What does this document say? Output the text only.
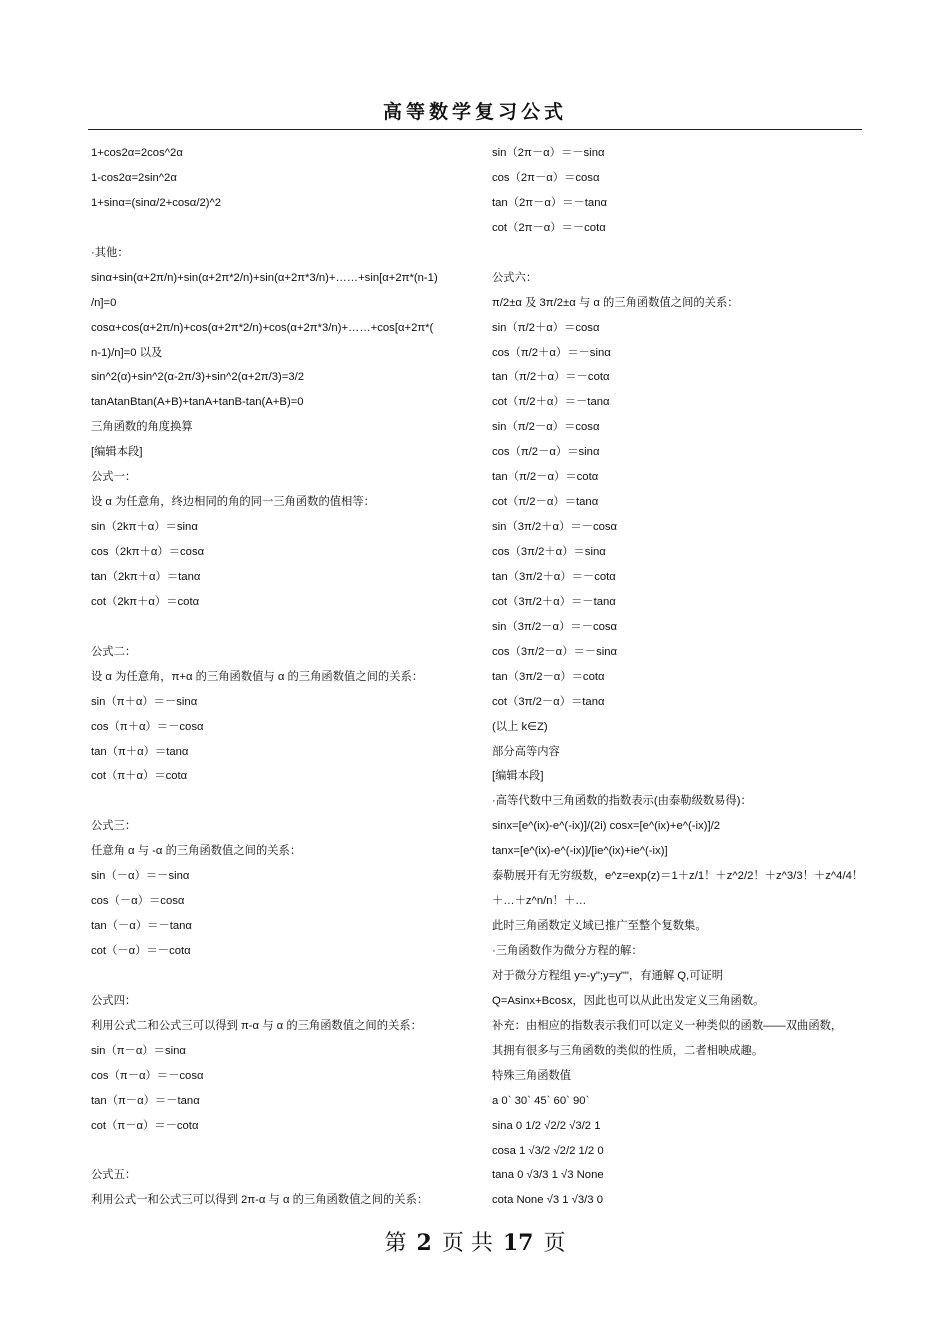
高等数学复习公式
1+cos2α=2cos^2α
1-cos2α=2sin^2α
1+sinα=(sinα/2+cosα/2)^2
·其他：
sinα+sin(α+2π/n)+sin(α+2π*2/n)+sin(α+2π*3/n)+……+sin[α+2π*(n-1)
/n]=0
cosα+cos(α+2π/n)+cos(α+2π*2/n)+cos(α+2π*3/n)+……+cos[α+2π*(
n-1)/n]=0 以及
sin^2(α)+sin^2(α-2π/3)+sin^2(α+2π/3)=3/2
tanAtanBtan(A+B)+tanA+tanB-tan(A+B)=0
三角函数的角度换算
[编辑本段]
公式一：
设 α 为任意角，终边相同的角的同一三角函数的值相等：
sin（2kπ＋α）＝sinα
cos（2kπ＋α）＝cosα
tan（2kπ＋α）＝tanα
cot（2kπ＋α）＝cotα
公式二：
设 α 为任意角，π+α 的三角函数值与 α 的三角函数值之间的关系：
sin（π＋α）＝－sinα
cos（π＋α）＝－cosα
tan（π＋α）＝tanα
cot（π＋α）＝cotα
公式三：
任意角 α 与 -α 的三角函数值之间的关系：
sin（－α）＝－sinα
cos（－α）＝cosα
tan（－α）＝－tanα
cot（－α）＝－cotα
公式四：
利用公式二和公式三可以得到 π-α 与 α 的三角函数值之间的关系：
sin（π－α）＝sinα
cos（π－α）＝－cosα
tan（π－α）＝－tanα
cot（π－α）＝－cotα
公式五：
利用公式一和公式三可以得到 2π-α 与 α 的三角函数值之间的关系：
sin（2π－α）＝－sinα
cos（2π－α）＝cosα
tan（2π－α）＝－tanα
cot（2π－α）＝－cotα
公式六：
π/2±α 及 3π/2±α 与 α 的三角函数值之间的关系：
sin（π/2＋α）＝cosα
cos（π/2＋α）＝－sinα
tan（π/2＋α）＝－cotα
cot（π/2＋α）＝－tanα
sin（π/2－α）＝cosα
cos（π/2－α）＝sinα
tan（π/2－α）＝cotα
cot（π/2－α）＝tanα
sin（3π/2＋α）＝－cosα
cos（3π/2＋α）＝sinα
tan（3π/2＋α）＝－cotα
cot（3π/2＋α）＝－tanα
sin（3π/2－α）＝－cosα
cos（3π/2－α）＝－sinα
tan（3π/2－α）＝cotα
cot（3π/2－α）＝tanα
(以上 k∈Z)
部分高等内容
[编辑本段]
·高等代数中三角函数的指数表示(由泰勒级数易得)：
sinx=[e^(ix)-e^(-ix)]/(2i) cosx=[e^(ix)+e^(-ix)]/2
tanx=[e^(ix)-e^(-ix)]/[ie^(ix)+ie^(-ix)]
泰勒展开有无穷级数，e^z=exp(z)＝1＋z/1！＋z^2/2！＋z^3/3！＋z^4/4！
＋…＋z^n/n！＋…
此时三角函数定义域已推广至整个复数集。
·三角函数作为微分方程的解：
对于微分方程组 y=-y";y=y""，有通解 Q,可证明
Q=Asinx+Bcosx，因此也可以从此出发定义三角函数。
补充：由相应的指数表示我们可以定义一种类似的函数——双曲函数，
其拥有很多与三角函数的类似的性质，二者相映成趣。
特殊三角函数值
a 0` 30` 45` 60` 90`
sina 0 1/2 √2/2 √3/2 1
cosa 1 √3/2 √2/2 1/2 0
tana 0 √3/3 1 √3 None
cota None √3 1 √3/3 0
第 2 页 共 17 页
